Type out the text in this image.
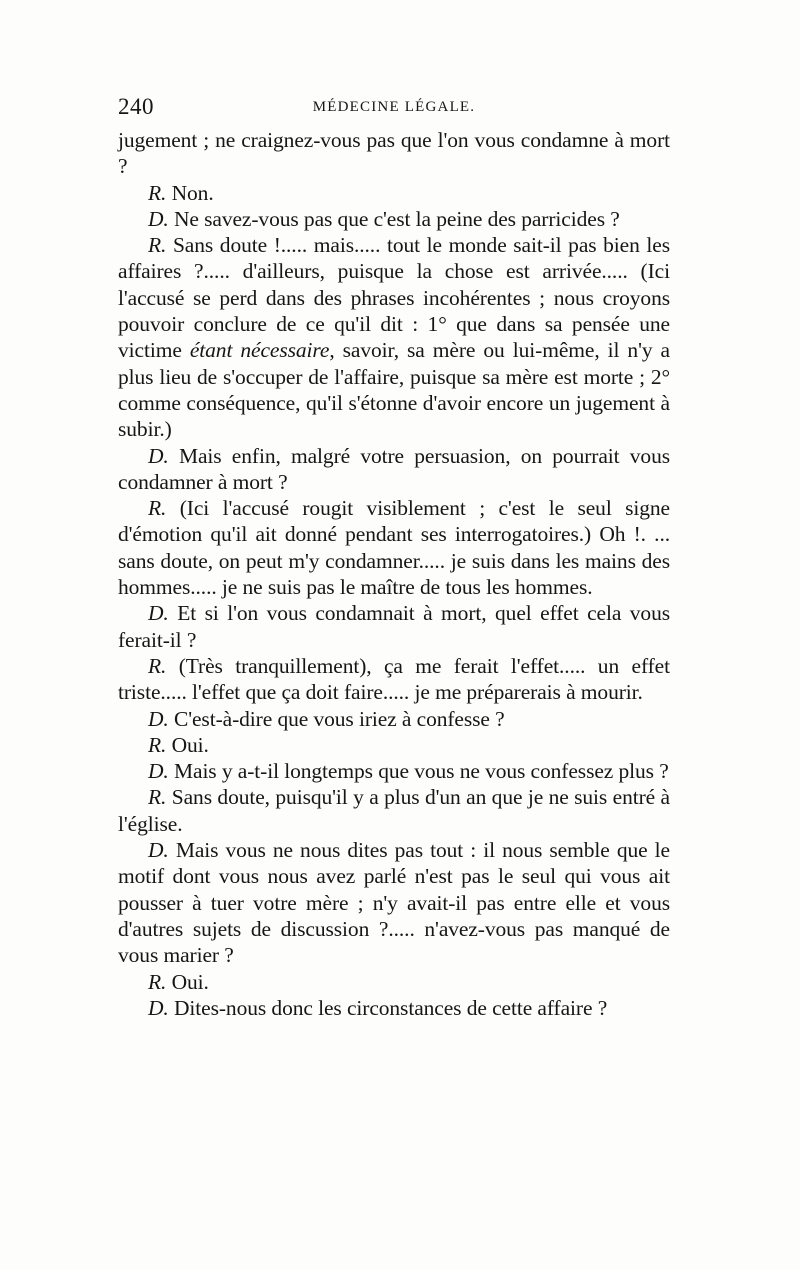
240	MÉDECINE LÉGALE.

jugement ; ne craignez-vous pas que l'on vous condamne à mort ?

R. Non.

D. Ne savez-vous pas que c'est la peine des parricides ?

R. Sans doute !..... mais..... tout le monde sait-il pas bien les affaires ?..... d'ailleurs, puisque la chose est arrivée..... (Ici l'accusé se perd dans des phrases incohérentes ; nous croyons pouvoir conclure de ce qu'il dit : 1° que dans sa pensée une victime étant nécessaire, savoir, sa mère ou lui-même, il n'y a plus lieu de s'occuper de l'affaire, puisque sa mère est morte ; 2° comme conséquence, qu'il s'étonne d'avoir encore un jugement à subir.)

D. Mais enfin, malgré votre persuasion, on pourrait vous condamner à mort ?

R. (Ici l'accusé rougit visiblement ; c'est le seul signe d'émotion qu'il ait donné pendant ses interrogatoires.) Oh !. ... sans doute, on peut m'y condamner..... je suis dans les mains des hommes..... je ne suis pas le maître de tous les hommes.

D. Et si l'on vous condamnait à mort, quel effet cela vous ferait-il ?

R. (Très tranquillement), ça me ferait l'effet..... un effet triste..... l'effet que ça doit faire..... je me préparerais à mourir.

D. C'est-à-dire que vous iriez à confesse ?

R. Oui.

D. Mais y a-t-il longtemps que vous ne vous confessez plus ?

R. Sans doute, puisqu'il y a plus d'un an que je ne suis entré à l'église.

D. Mais vous ne nous dites pas tout : il nous semble que le motif dont vous nous avez parlé n'est pas le seul qui vous ait pousser à tuer votre mère ; n'y avait-il pas entre elle et vous d'autres sujets de discussion ?..... n'avez-vous pas manqué de vous marier ?

R. Oui.

D. Dites-nous donc les circonstances de cette affaire ?
